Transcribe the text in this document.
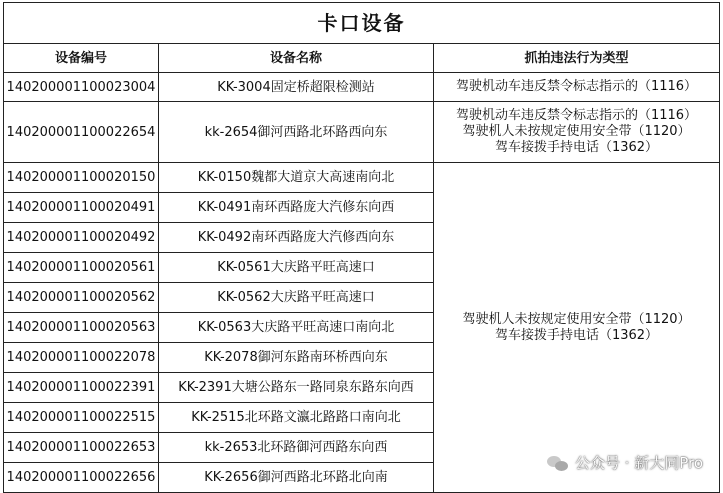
卡口设备		
设备编号	设备名称	抓拍违法行为类型
140200001100023004	KK-3004固定桥超限检测站	驾驶机动车违反禁令标志指示的（1116）

140200001100022654	kk-2654御河西路北环路西向东	驾驶机动车违反禁令标志指示的（1116）
驾驶机人未按规定使用安全带（1120）
驾车接拨手持电话（1362）

140200001100020150	KK-0150魏都大道京大高速南向北	驾驶机人未按规定使用安全带（1120）
驾车接拨手持电话（1362）

140200001100020491	KK-0491南环西路庞大汽修东向西	
140200001100020492	KK-0492南环西路庞大汽修西向东	
140200001100020561	KK-0561大庆路平旺高速口	
140200001100020562	KK-0562大庆路平旺高速口	
140200001100020563	KK-0563大庆路平旺高速口南向北	
140200001100022078	KK-2078御河东路南环桥西向东	
140200001100022391	KK-2391大塘公路东一路同泉东路东向西	
140200001100022515	KK-2515北环路文瀛北路路口南向北	
140200001100022653	kk-2653北环路御河西路东向西	
140200001100022656	KK-2656御河西路北环路北向南	
公众号 · 新大同Pro
